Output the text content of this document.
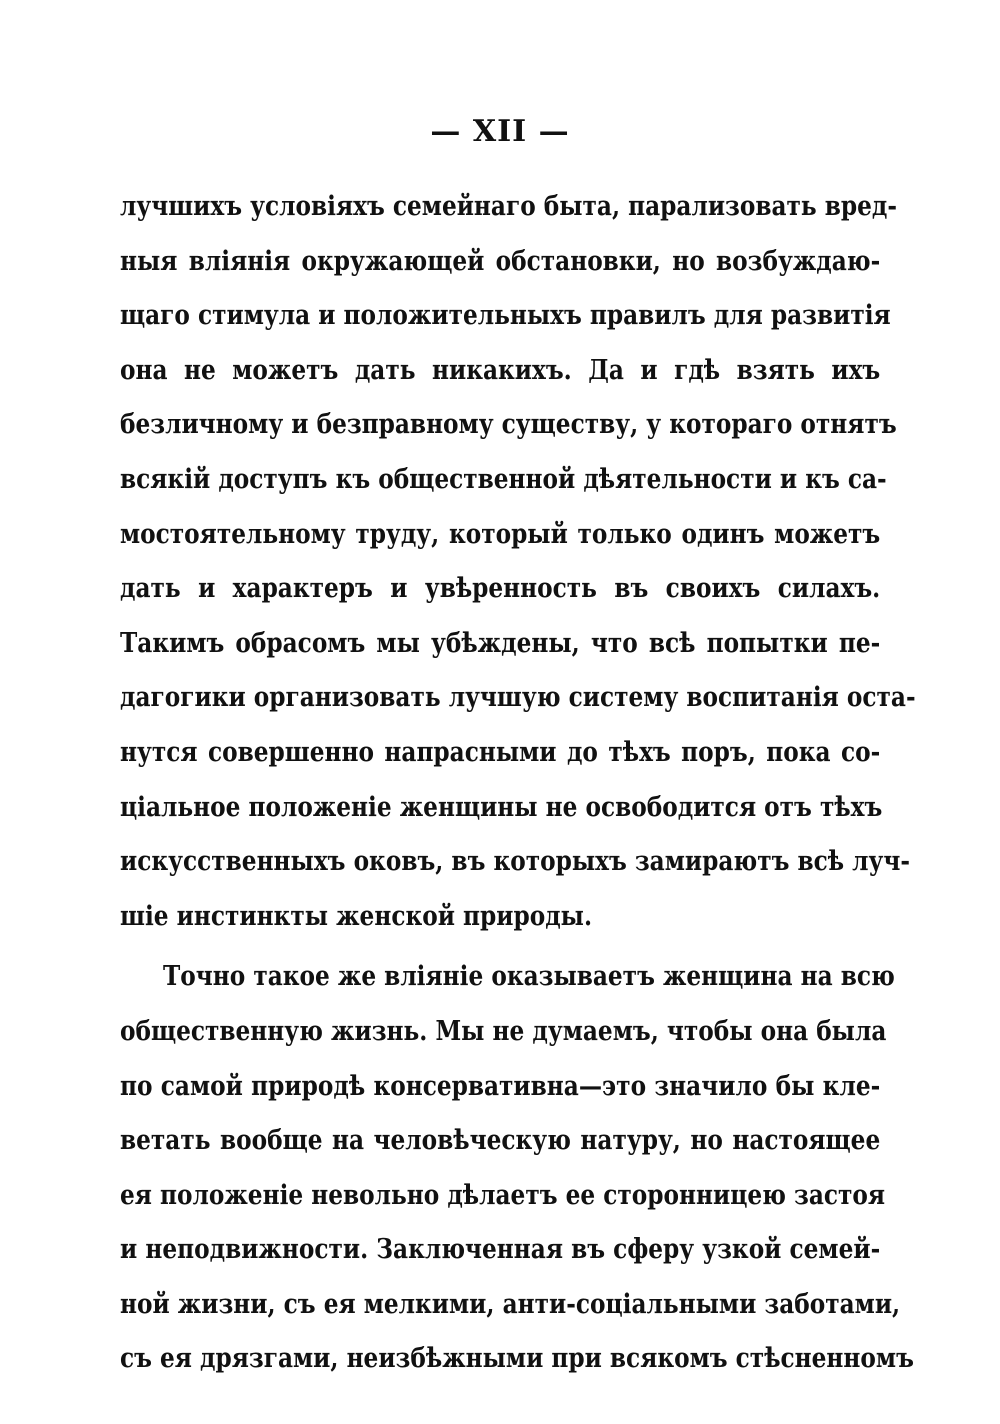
— XII —
лучшихъ условiяхъ семейнаго быта, парализовать вред-
ныя влiянiя окружающей обстановки, но возбуждаю-
щаго стимула и положительныхъ правилъ для развитiя
она не можетъ дать никакихъ. Да и гдѣ взять ихъ
безличному и безправному существу, у котораго отнятъ
всякiй доступъ къ общественной дѣятельности и къ са-
мостоятельному труду, который только одинъ можетъ
дать и характеръ и увѣренность въ своихъ силахъ.
Такимъ обрасомъ мы убѣждены, что всѣ попытки пе-
дагогики организовать лучшую систему воспитанiя оста-
нутся совершенно напрасными до тѣхъ поръ, пока со-
цiальное положенiе женщины не освободится отъ тѣхъ
искусственныхъ оковъ, въ которыхъ замираютъ всѣ луч-
шiе инстинкты женской природы.
Точно такое же влiянiе оказываетъ женщина на всю
общественную жизнь. Мы не думаемъ, чтобы она была
по самой природѣ консервативна—это значило бы кле-
ветать вообще на человѣческую натуру, но настоящее
ея положенiе невольно дѣлаетъ ее сторонницею застоя
и неподвижности. Заключенная въ сферу узкой семей-
ной жизни, съ ея мелкими, анти-соцiальными заботами,
съ ея дрязгами, неизбѣжными при всякомъ стѣсненномъ
